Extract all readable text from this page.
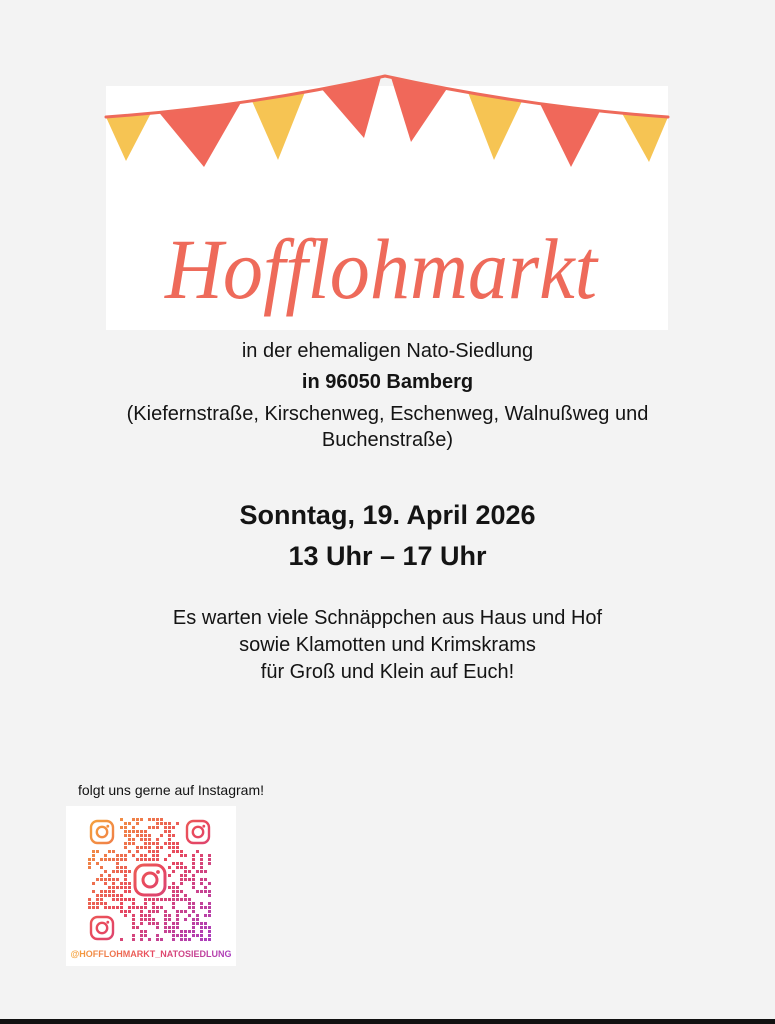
Hofflohmarkt
in der ehemaligen Nato-Siedlung
in 96050 Bamberg
(Kiefernstraße, Kirschenweg, Eschenweg, Walnußweg und
Buchenstraße)
Sonntag, 19. April 2026
13 Uhr – 17 Uhr
Es warten viele Schnäppchen aus Haus und Hof
sowie Klamotten und Krimskrams
für Groß und Klein auf Euch!
folgt uns gerne auf Instagram!
@HOFFLOHMARKT_NATOSIEDLUNG
